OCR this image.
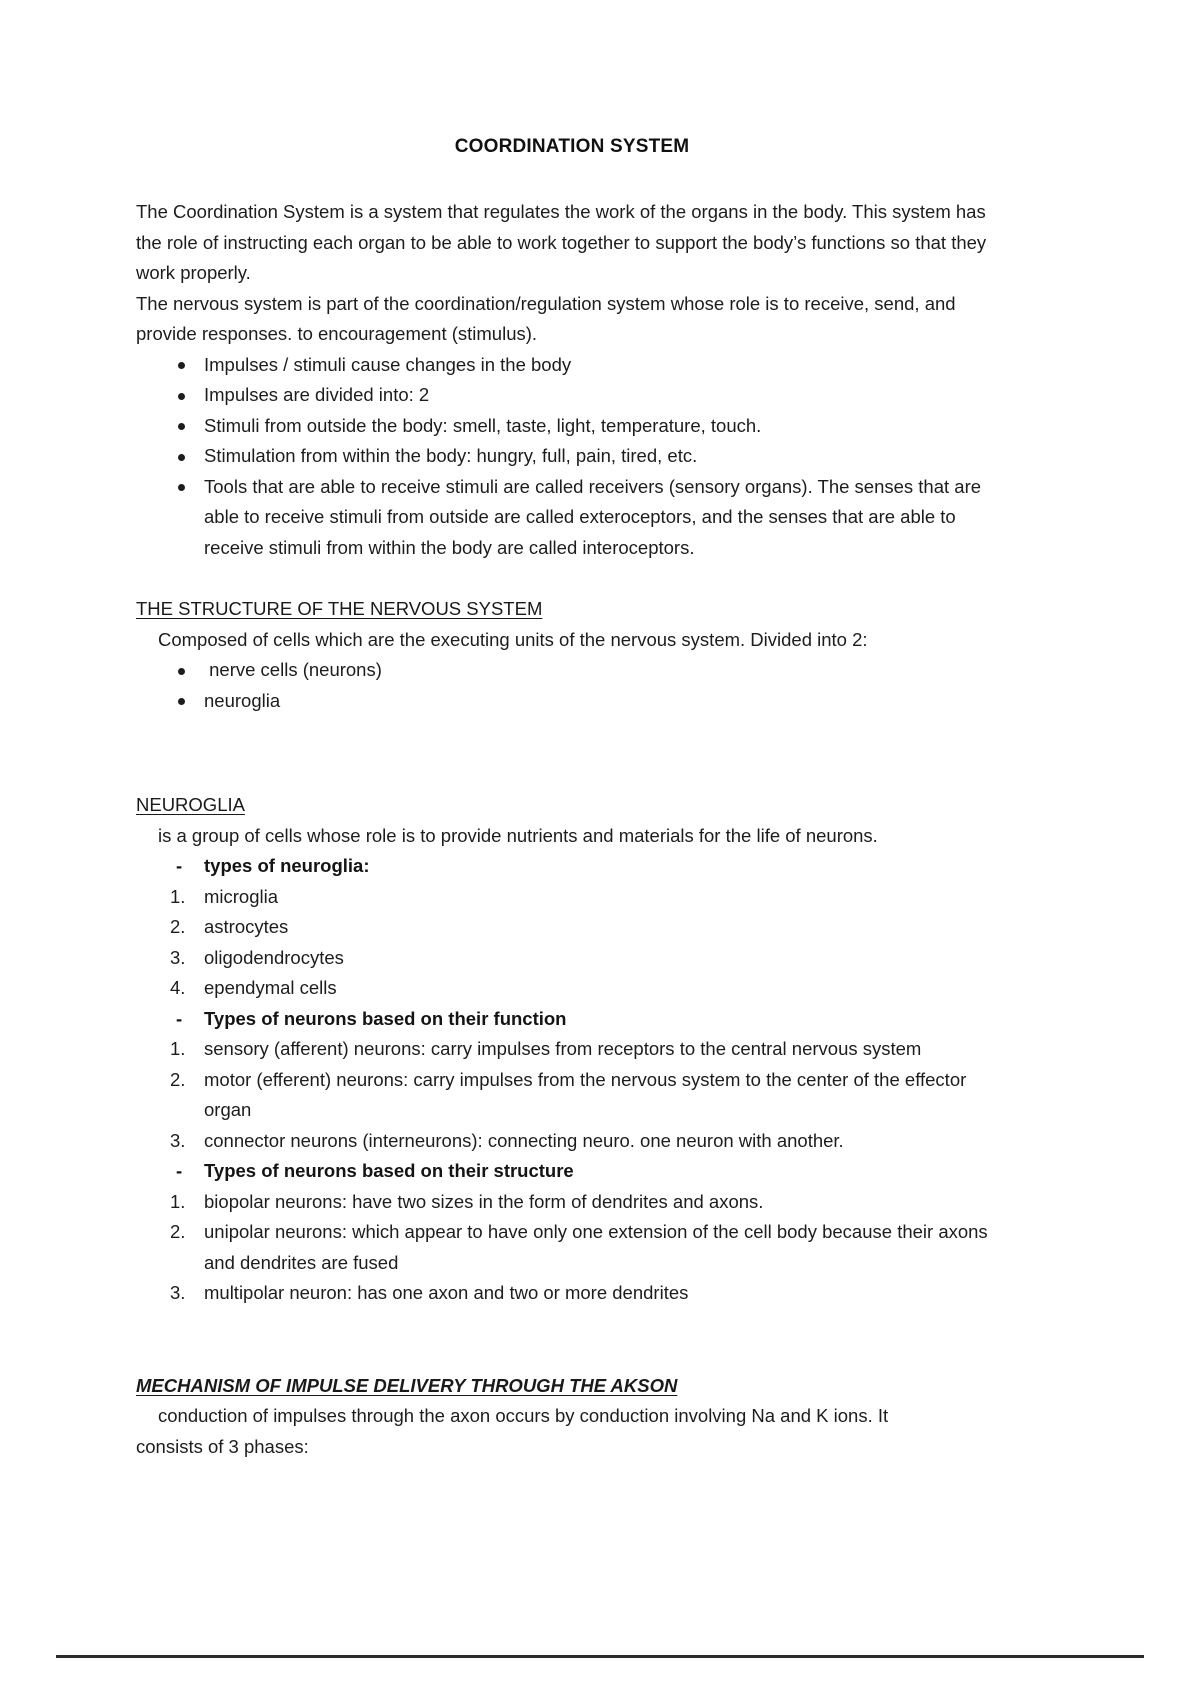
COORDINATION SYSTEM

The Coordination System is a system that regulates the work of the organs in the body. This system has the role of instructing each organ to be able to work together to support the body’s functions so that they work properly.

The nervous system is part of the coordination/regulation system whose role is to receive, send, and provide responses. to encouragement (stimulus).

Impulses / stimuli cause changes in the body
Impulses are divided into: 2
Stimuli from outside the body: smell, taste, light, temperature, touch.
Stimulation from within the body: hungry, full, pain, tired, etc.
Tools that are able to receive stimuli are called receivers (sensory organs). The senses that are able to receive stimuli from outside are called exteroceptors, and the senses that are able to receive stimuli from within the body are called interoceptors.

THE STRUCTURE OF THE NERVOUS SYSTEM

Composed of cells which are the executing units of the nervous system. Divided into 2:

nerve cells (neurons)
neuroglia

NEUROGLIA

is a group of cells whose role is to provide nutrients and materials for the life of neurons.

- types of neuroglia:
1. microglia
2. astrocytes
3. oligodendrocytes
4. ependymal cells
- Types of neurons based on their function
1. sensory (afferent) neurons: carry impulses from receptors to the central nervous system
2. motor (efferent) neurons: carry impulses from the nervous system to the center of the effector organ
3. connector neurons (interneurons): connecting neuro. one neuron with another.
- Types of neurons based on their structure
1. biopolar neurons: have two sizes in the form of dendrites and axons.
2. unipolar neurons: which appear to have only one extension of the cell body because their axons and dendrites are fused
3. multipolar neuron: has one axon and two or more dendrites

MECHANISM OF IMPULSE DELIVERY THROUGH THE AKSON

conduction of impulses through the axon occurs by conduction involving Na and K ions. It

consists of 3 phases:
